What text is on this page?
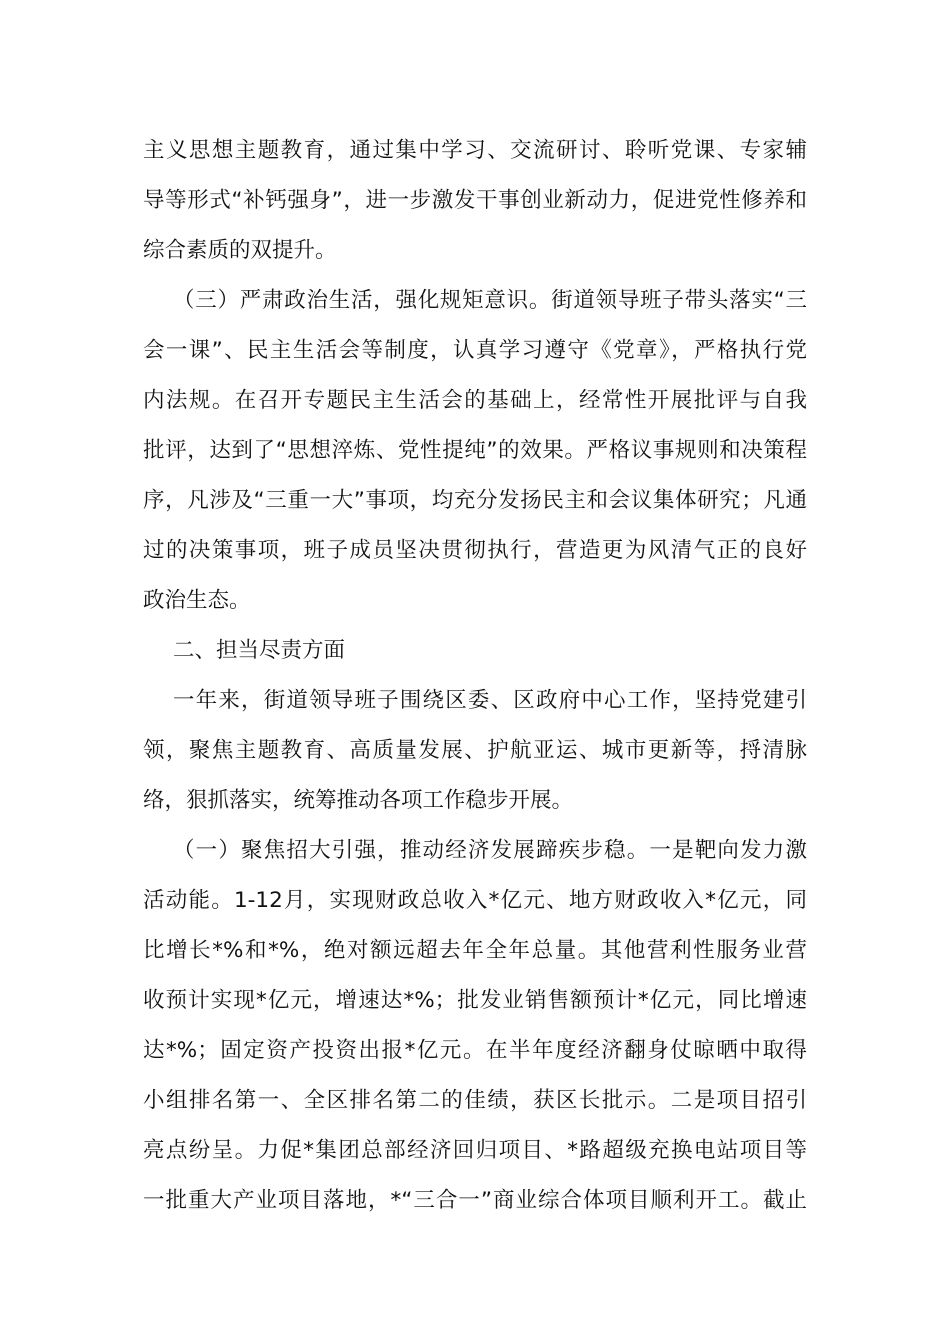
主义思想主题教育，通过集中学习、交流研讨、聆听党课、专家辅
导等形式“补钙强身”，进一步激发干事创业新动力，促进党性修养和
综合素质的双提升。
（三）严肃政治生活，强化规矩意识。街道领导班子带头落实“三
会一课”、民主生活会等制度，认真学习遵守《党章》，严格执行党
内法规。在召开专题民主生活会的基础上，经常性开展批评与自我
批评，达到了“思想淬炼、党性提纯”的效果。严格议事规则和决策程
序，凡涉及“三重一大”事项，均充分发扬民主和会议集体研究；凡通
过的决策事项，班子成员坚决贯彻执行，营造更为风清气正的良好
政治生态。
二、担当尽责方面
一年来，街道领导班子围绕区委、区政府中心工作，坚持党建引
领，聚焦主题教育、高质量发展、护航亚运、城市更新等，捋清脉
络，狠抓落实，统筹推动各项工作稳步开展。
（一）聚焦招大引强，推动经济发展蹄疾步稳。一是靶向发力激
活动能。1-12月，实现财政总收入*亿元、地方财政收入*亿元，同
比增长*%和*%，绝对额远超去年全年总量。其他营利性服务业营
收预计实现*亿元，增速达*%；批发业销售额预计*亿元，同比增速
达*%；固定资产投资出报*亿元。在半年度经济翻身仗晾晒中取得
小组排名第一、全区排名第二的佳绩，获区长批示。二是项目招引
亮点纷呈。力促*集团总部经济回归项目、*路超级充换电站项目等
一批重大产业项目落地，*“三合一”商业综合体项目顺利开工。截止
